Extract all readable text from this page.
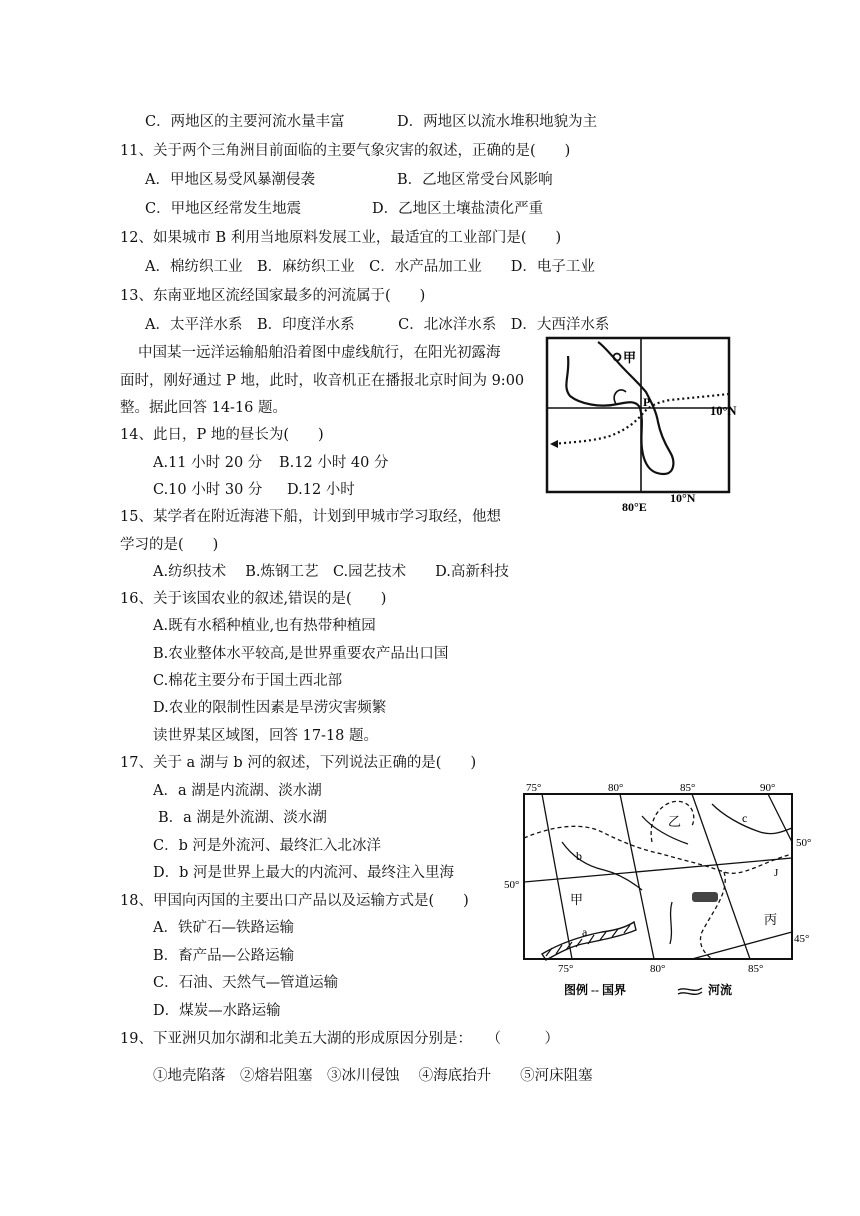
C．两地区的主要河流水量丰富	D．两地区以流水堆积地貌为主
11、关于两个三角洲目前面临的主要气象灾害的叙述，正确的是(　　)
A．甲地区易受风暴潮侵袭	B．乙地区常受台风影响
C．甲地区经常发生地震	D．乙地区土壤盐渍化严重
12、如果城市 B 利用当地原料发展工业，最适宜的工业部门是(　　)
A．棉纺织工业　B．麻纺织工业　C．水产品加工业　　D．电子工业
13、东南亚地区流经国家最多的河流属于(　　)
A．太平洋水系　B．印度洋水系　　　C．北冰洋水系　D．大西洋水系
中国某一远洋运输船舶沿着图中虚线航行，在阳光初露海
面时，刚好通过 P 地，此时，收音机正在播报北京时间为 9:00
整。据此回答 14-16 题。
14、此日，P 地的昼长为(　　)
A.11 小时 20 分 B.12 小时 40 分
C.10 小时 30 分 D.12 小时
15、某学者在附近海港下船，计划到甲城市学习取经，他想
学习的是(　　)
A.纺织技术　 B.炼钢工艺　C.园艺技术　　D.高新科技
16、关于该国农业的叙述,错误的是(　　)
A.既有水稻种植业,也有热带种植园
B.农业整体水平较高,是世界重要农产品出口国
C.棉花主要分布于国土西北部
D.农业的限制性因素是旱涝灾害频繁
读世界某区域图，回答 17-18 题。
17、关于 a 湖与 b 河的叙述，下列说法正确的是(　　)
A．a 湖是内流湖、淡水湖
B．a 湖是外流湖、淡水湖
C．b 河是外流河、最终汇入北冰洋
D．b 河是世界上最大的内流河、最终注入里海
18、甲国向丙国的主要出口产品以及运输方式是(　　)
A．铁矿石—铁路运输
B．畜产品—公路运输
C．石油、天然气—管道运输
D．煤炭—水路运输
19、下亚洲贝加尔湖和北美五大湖的形成原因分别是：　　（　　　）
①地壳陷落　②熔岩阻塞　③冰川侵蚀　 ④海底抬升　　⑤河床阻塞
甲
P
10°N
80°E
10°N
75°	80°	85°	90°
75°	80°	85°
50°
50°
45°
乙	c
b
甲
a
丙
J
图例 -- 国界	河流
